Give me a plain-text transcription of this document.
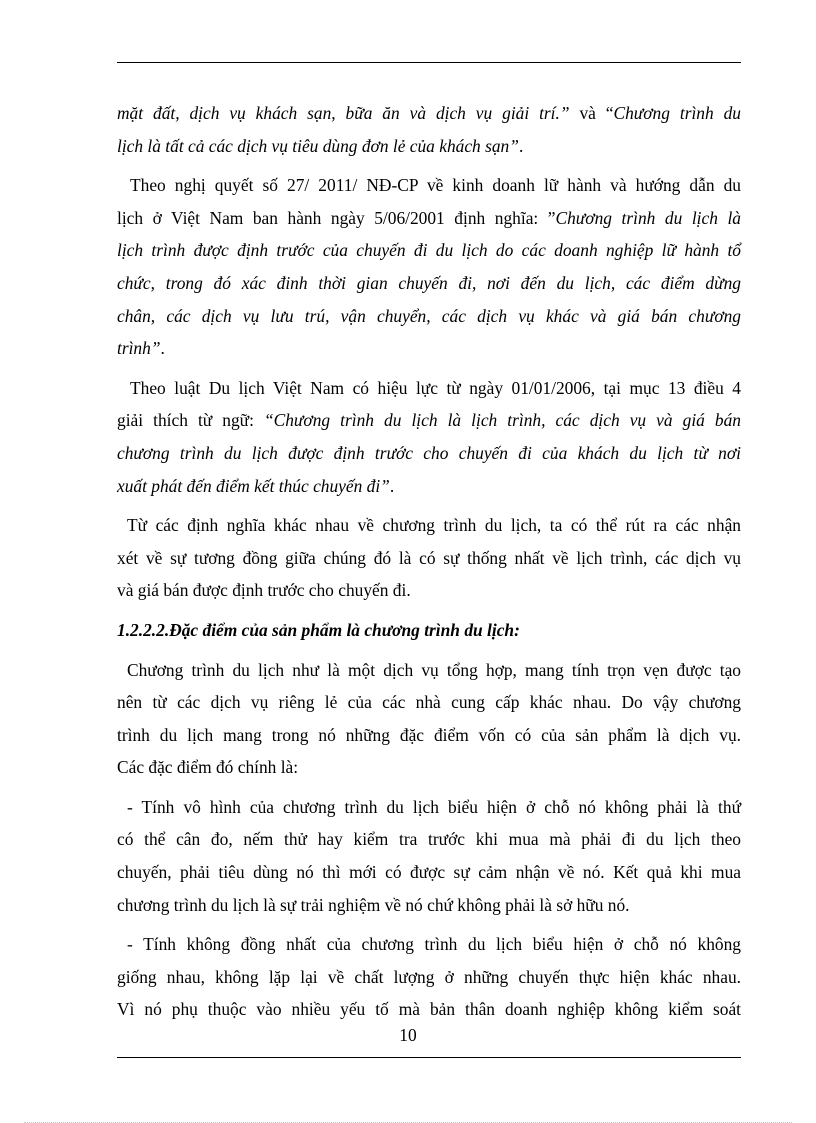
mặt đất, dịch vụ khách sạn, bữa ăn và dịch vụ giải trí.” và “Chương trình du
lịch là tất cả các dịch vụ tiêu dùng đơn lẻ của khách sạn”.
Theo nghị quyết số 27/ 2011/ NĐ-CP về kinh doanh lữ hành và hướng dẫn du
lịch ở Việt Nam ban hành ngày 5/06/2001 định nghĩa: ”Chương trình du lịch là
lịch trình được định trước của chuyến đi du lịch do các doanh nghiệp lữ hành tổ
chức, trong đó xác đinh thời gian chuyến đi, nơi đến du lịch, các điểm dừng
chân, các dịch vụ lưu trú, vận chuyển, các dịch vụ khác và giá bán chương
trình”.
Theo luật Du lịch Việt Nam có hiệu lực từ ngày 01/01/2006, tại mục 13 điều 4
giải thích từ ngữ: “Chương trình du lịch là lịch trình, các dịch vụ và giá bán
chương trình du lịch được định trước cho chuyến đi của khách du lịch từ nơi
xuất phát đến điểm kết thúc chuyến đi”.
Từ các định nghĩa khác nhau về chương trình du lịch, ta có thể rút ra các nhận
xét về sự tương đồng giữa chúng đó là có sự thống nhất về lịch trình, các dịch vụ
và giá bán được định trước cho chuyến đi.
1.2.2.2.Đặc điểm của sản phẩm là chương trình du lịch:
Chương trình du lịch như là một dịch vụ tổng hợp, mang tính trọn vẹn được tạo
nên từ các dịch vụ riêng lẻ của các nhà cung cấp khác nhau. Do vậy chương
trình du lịch mang trong nó những đặc điểm vốn có của sản phẩm là dịch vụ.
Các đặc điểm đó chính là:
- Tính vô hình của chương trình du lịch biểu hiện ở chỗ nó không phải là thứ
có thể cân đo, nếm thử hay kiểm tra trước khi mua mà phải đi du lịch theo
chuyến, phải tiêu dùng nó thì mới có được sự cảm nhận về nó. Kết quả khi mua
chương trình du lịch là sự trải nghiệm về nó chứ không phải là sở hữu nó.
- Tính không đồng nhất của chương trình du lịch biểu hiện ở chỗ nó không
giống nhau, không lặp lại về chất lượng ở những chuyến thực hiện khác nhau.
Vì nó phụ thuộc vào nhiều yếu tố mà bản thân doanh nghiệp không kiểm soát
10
